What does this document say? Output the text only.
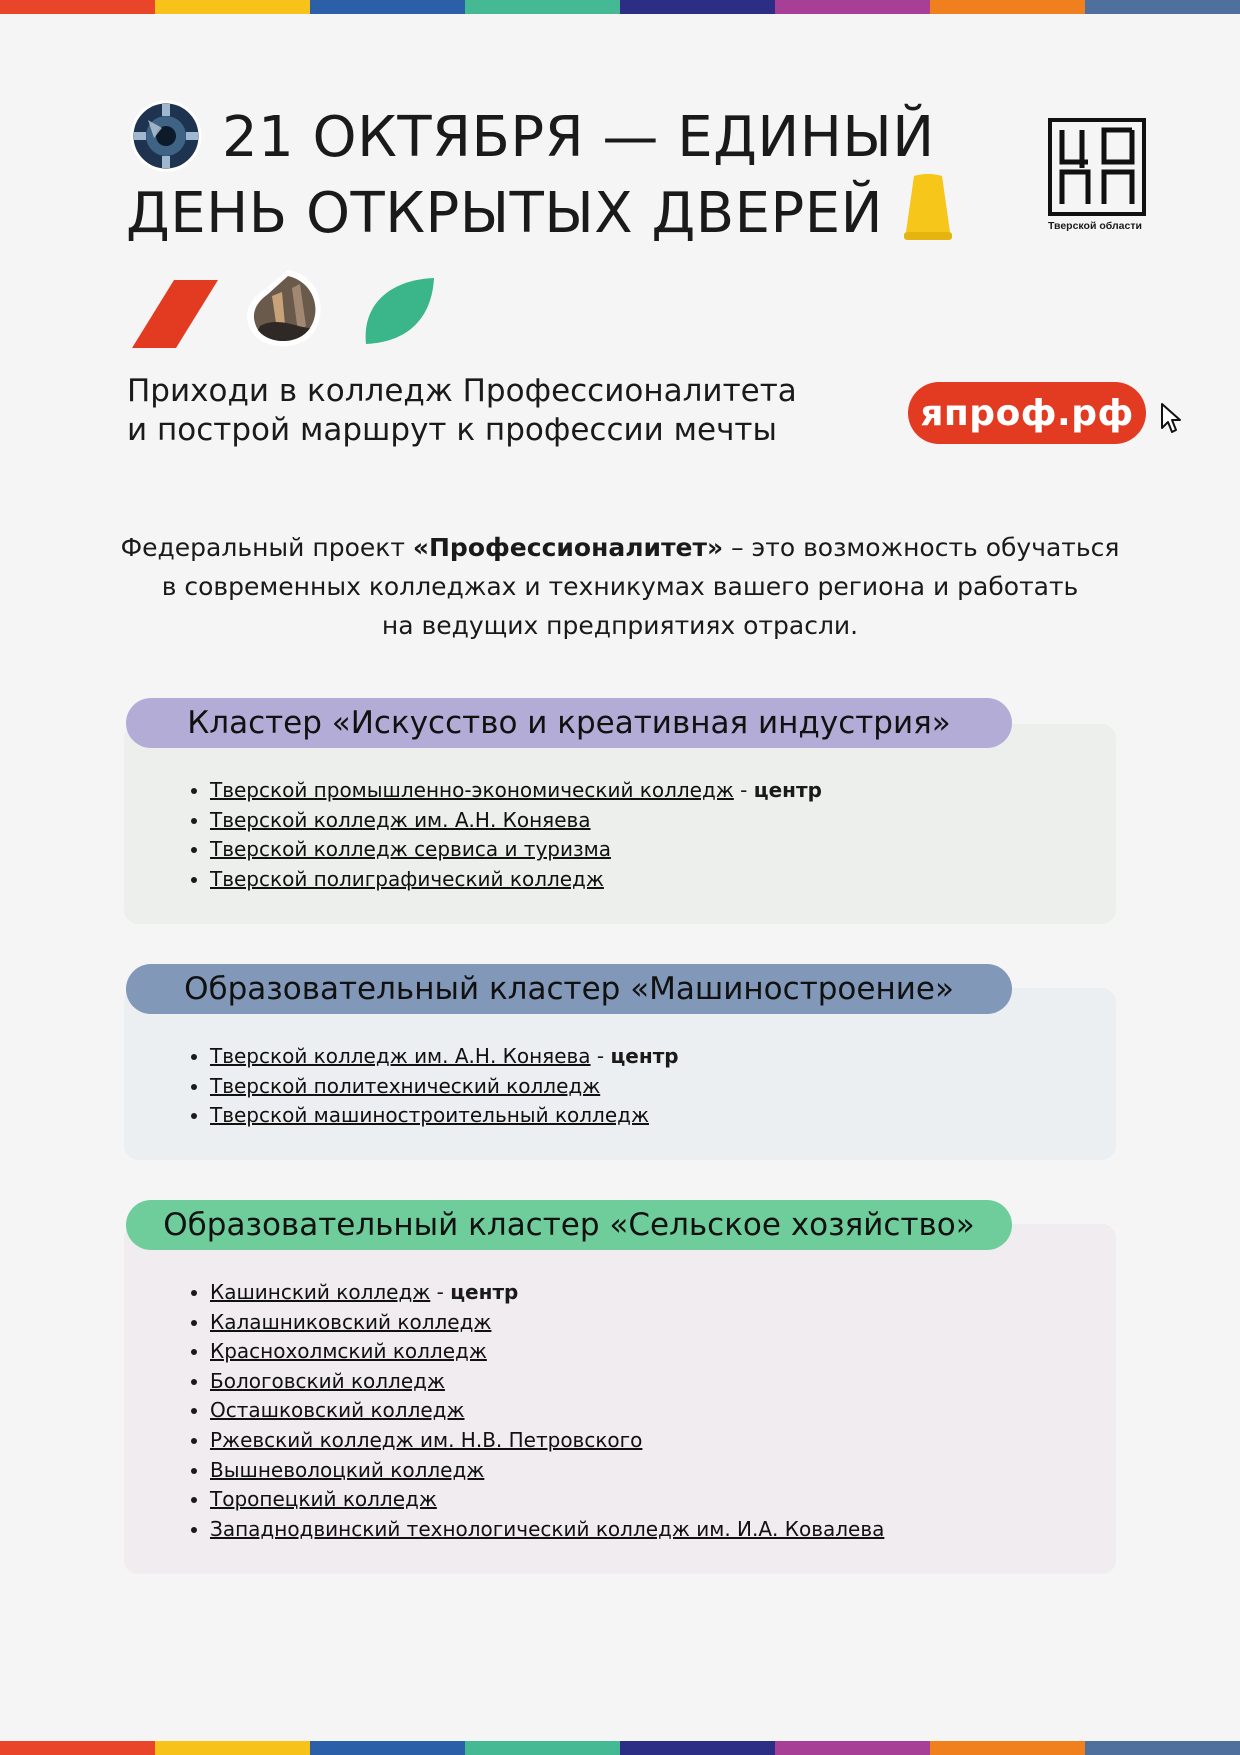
21 ОКТЯБРЯ — ЕДИНЫЙ
ДЕНЬ ОТКРЫТЫХ ДВЕРЕЙ	Тверской области

Приходи в колледж Профессионалитета
и построй маршрут к профессии мечты	япроф.рф

Федеральный проект «Профессионалитет» – это возможность обучаться
в современных колледжах и техникумах вашего региона и работать
на ведущих предприятиях отрасли.

Кластер «Искусство и креативная индустрия»
• Тверской промышленно-экономический колледж - центр
• Тверской колледж им. А.Н. Коняева
• Тверской колледж сервиса и туризма
• Тверской полиграфический колледж
Образовательный кластер «Машиностроение»
• Тверской колледж им. А.Н. Коняева - центр
• Тверской политехнический колледж
• Тверской машиностроительный колледж
Образовательный кластер «Сельское хозяйство»
• Кашинский колледж - центр
• Калашниковский колледж
• Краснохолмский колледж
• Бологовский колледж
• Осташковский колледж
• Ржевский колледж им. Н.В. Петровского
• Вышневолоцкий колледж
• Торопецкий колледж
• Западнодвинский технологический колледж им. И.А. Ковалева
